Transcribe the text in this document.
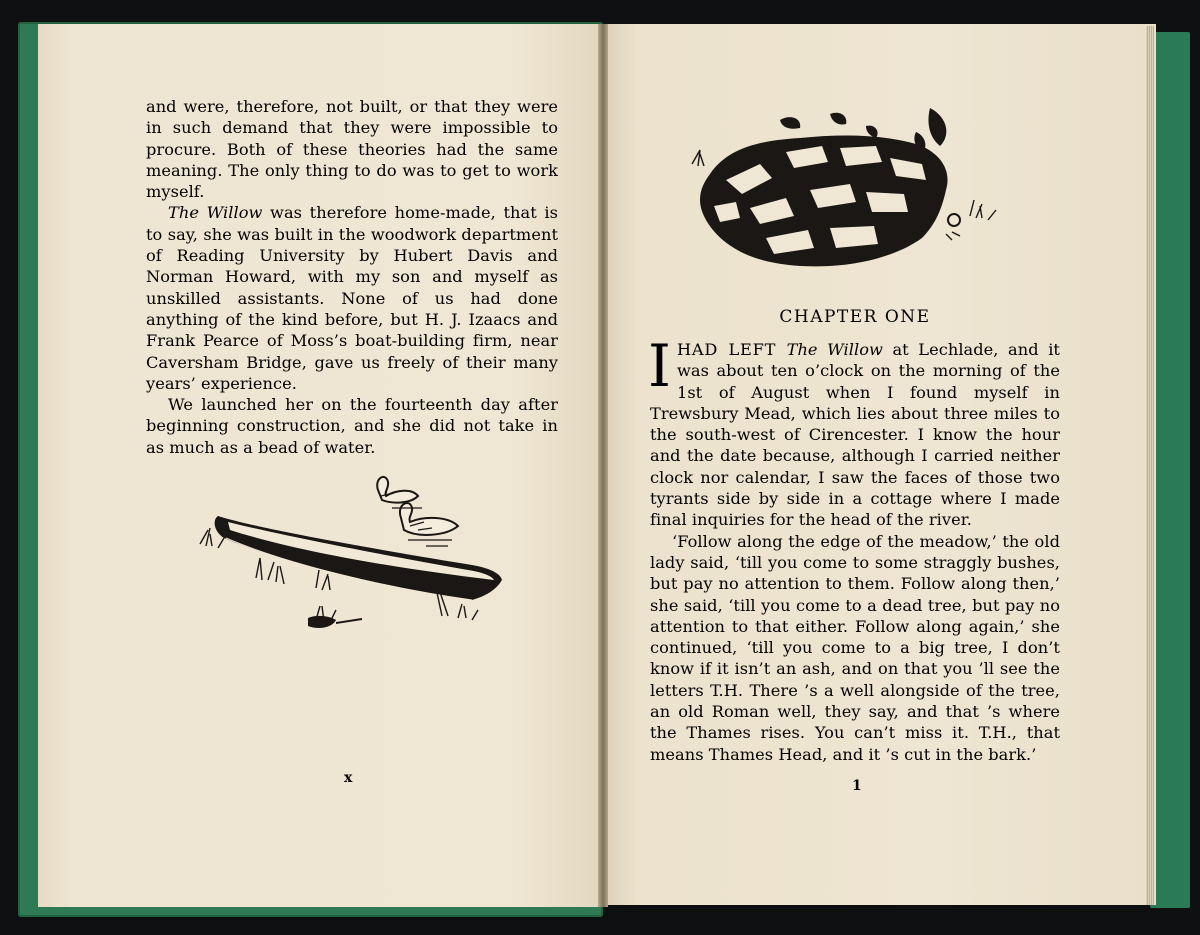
and were, therefore, not built, or that they were in such demand that they were impossible to procure. Both of these theories had the same meaning. The only thing to do was to get to work myself.

The Willow was therefore home-made, that is to say, she was built in the woodwork department of Reading University by Hubert Davis and Norman Howard, with my son and myself as unskilled assistants. None of us had done anything of the kind before, but H. J. Izaacs and Frank Pearce of Moss’s boat-building firm, near Caversham Bridge, gave us freely of their many years’ experience.

We launched her on the fourteenth day after beginning construction, and she did not take in as much as a bead of water.

x
CHAPTER ONE

IHAD LEFT The Willow at Lechlade, and it was about ten o’clock on the morning of the 1st of August when I found myself in Trewsbury Mead, which lies about three miles to the south-west of Cirencester. I know the hour and the date because, although I carried neither clock nor calendar, I saw the faces of those two tyrants side by side in a cottage where I made final inquiries for the head of the river.

‘Follow along the edge of the meadow,’ the old lady said, ‘till you come to some straggly bushes, but pay no attention to them. Follow along then,’ she said, ‘till you come to a dead tree, but pay no attention to that either. Follow along again,’ she continued, ‘till you come to a big tree, I don’t know if it isn’t an ash, and on that you ’ll see the letters T.H. There ’s a well alongside of the tree, an old Roman well, they say, and that ’s where the Thames rises. You can’t miss it. T.H., that means Thames Head, and it ’s cut in the bark.’

1
